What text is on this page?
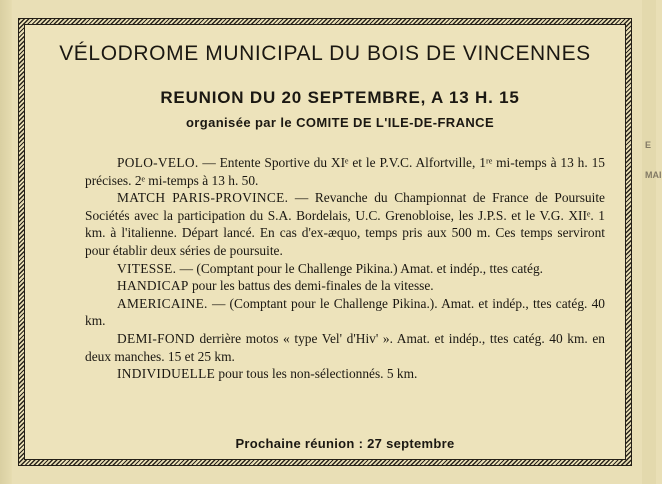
E
MAI
VÉLODROME MUNICIPAL DU BOIS DE VINCENNES
REUNION DU 20 SEPTEMBRE, A 13 H. 15
organisée par le COMITE DE L'ILE-DE-FRANCE

POLO-VELO. — Entente Sportive du XIᵉ et le P.V.C. Alfortville, 1ʳᵉ mi-temps à 13 h. 15 précises. 2ᵉ mi-temps à 13 h. 50.

MATCH PARIS-PROVINCE. — Revanche du Championnat de France de Poursuite Sociétés avec la participation du S.A. Bordelais, U.C. Grenobloise, les J.P.S. et le V.G. XIIᵉ. 1 km. à l'italienne. Départ lancé. En cas d'ex-æquo, temps pris aux 500 m. Ces temps serviront pour établir deux séries de poursuite.

VITESSE. — (Comptant pour le Challenge Pikina.) Amat. et indép., ttes catég.

HANDICAP pour les battus des demi-finales de la vitesse.

AMERICAINE. — (Comptant pour le Challenge Pikina.). Amat. et indép., ttes catég. 40 km.

DEMI-FOND derrière motos « type Vel' d'Hiv' ». Amat. et indép., ttes catég. 40 km. en deux manches. 15 et 25 km.

INDIVIDUELLE pour tous les non-sélectionnés. 5 km.

Prochaine réunion : 27 septembre
